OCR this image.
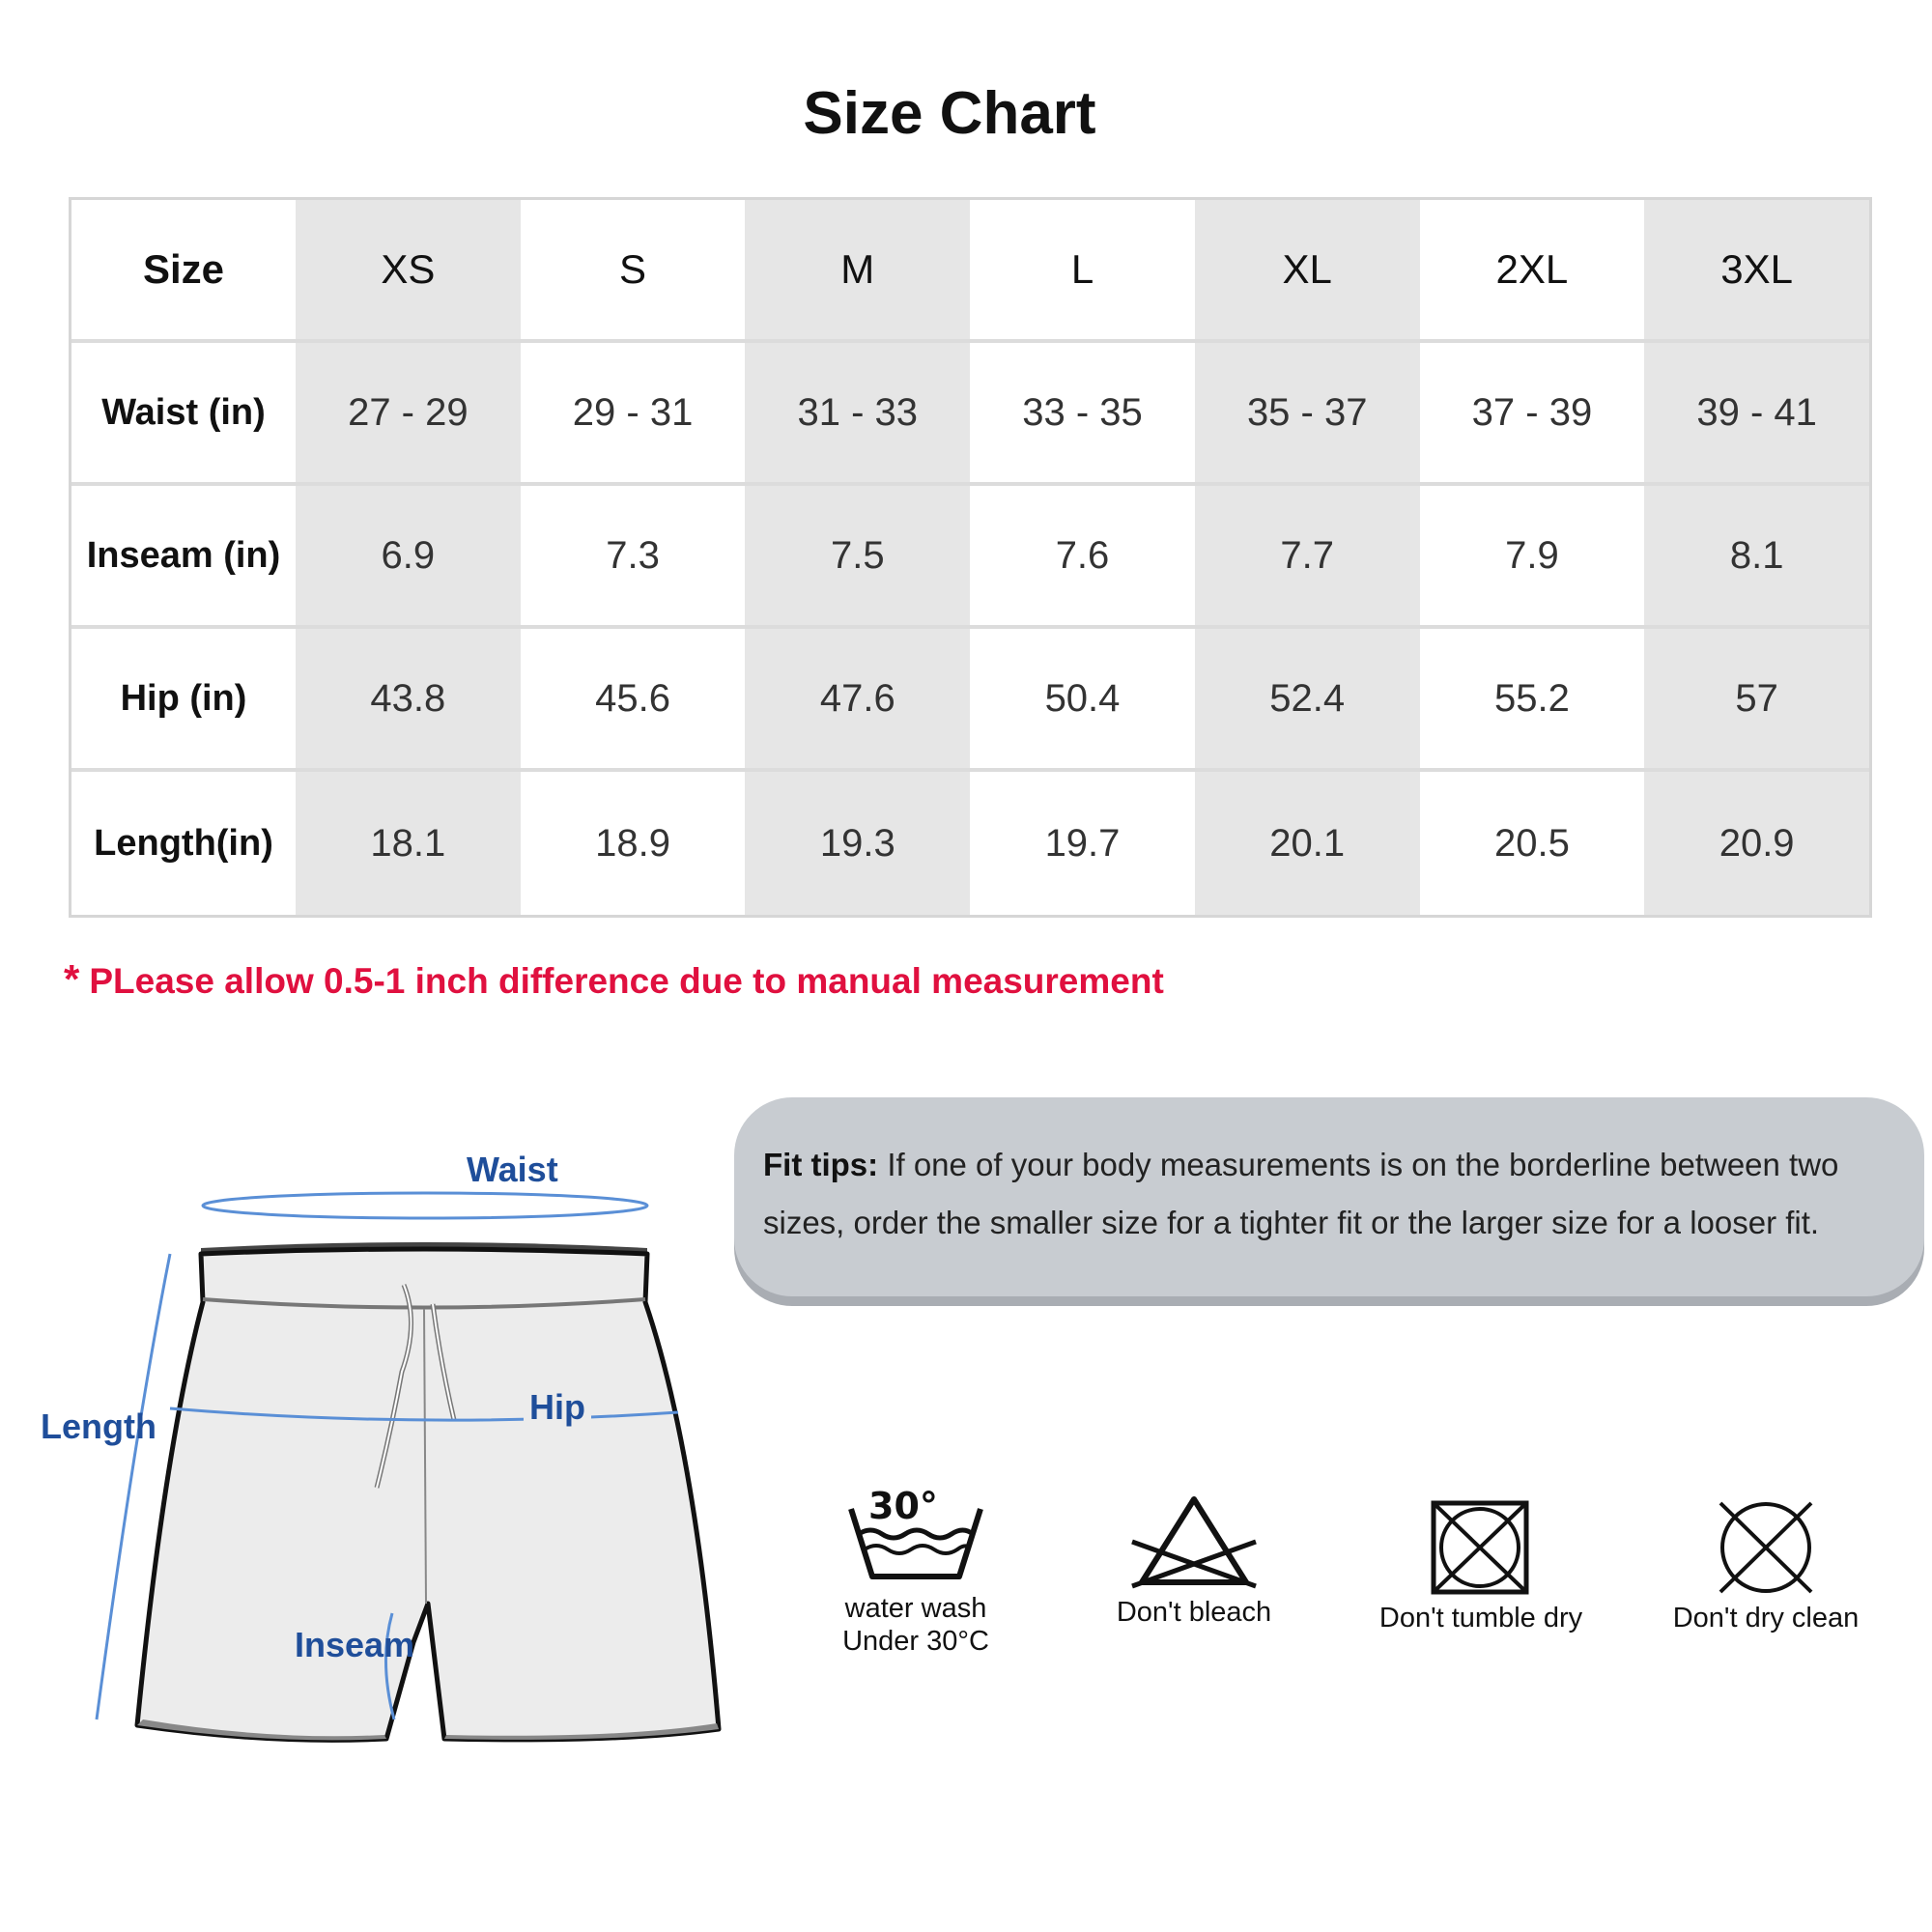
Size Chart
Size	XS	S	M	L	XL	2XL	3XL
Waist (in)	27 - 29	29 - 31	31 - 33	33 - 35	35 - 37	37 - 39	39 - 41
Inseam (in)	6.9	7.3	7.5	7.6	7.7	7.9	8.1
Hip (in)	43.8	45.6	47.6	50.4	52.4	55.2	57
Length(in)	18.1	18.9	19.3	19.7	20.1	20.5	20.9
* PLease allow 0.5-1 inch difference due to manual measurement
Waist
Hip
Length
Inseam
Fit tips: If one of your body measurements is on the borderline between two sizes, order the smaller size for a tighter fit or the larger size for a looser fit.
30°
water wash
Under 30°C
Don't bleach	Don't tumble dry	Don't dry clean
